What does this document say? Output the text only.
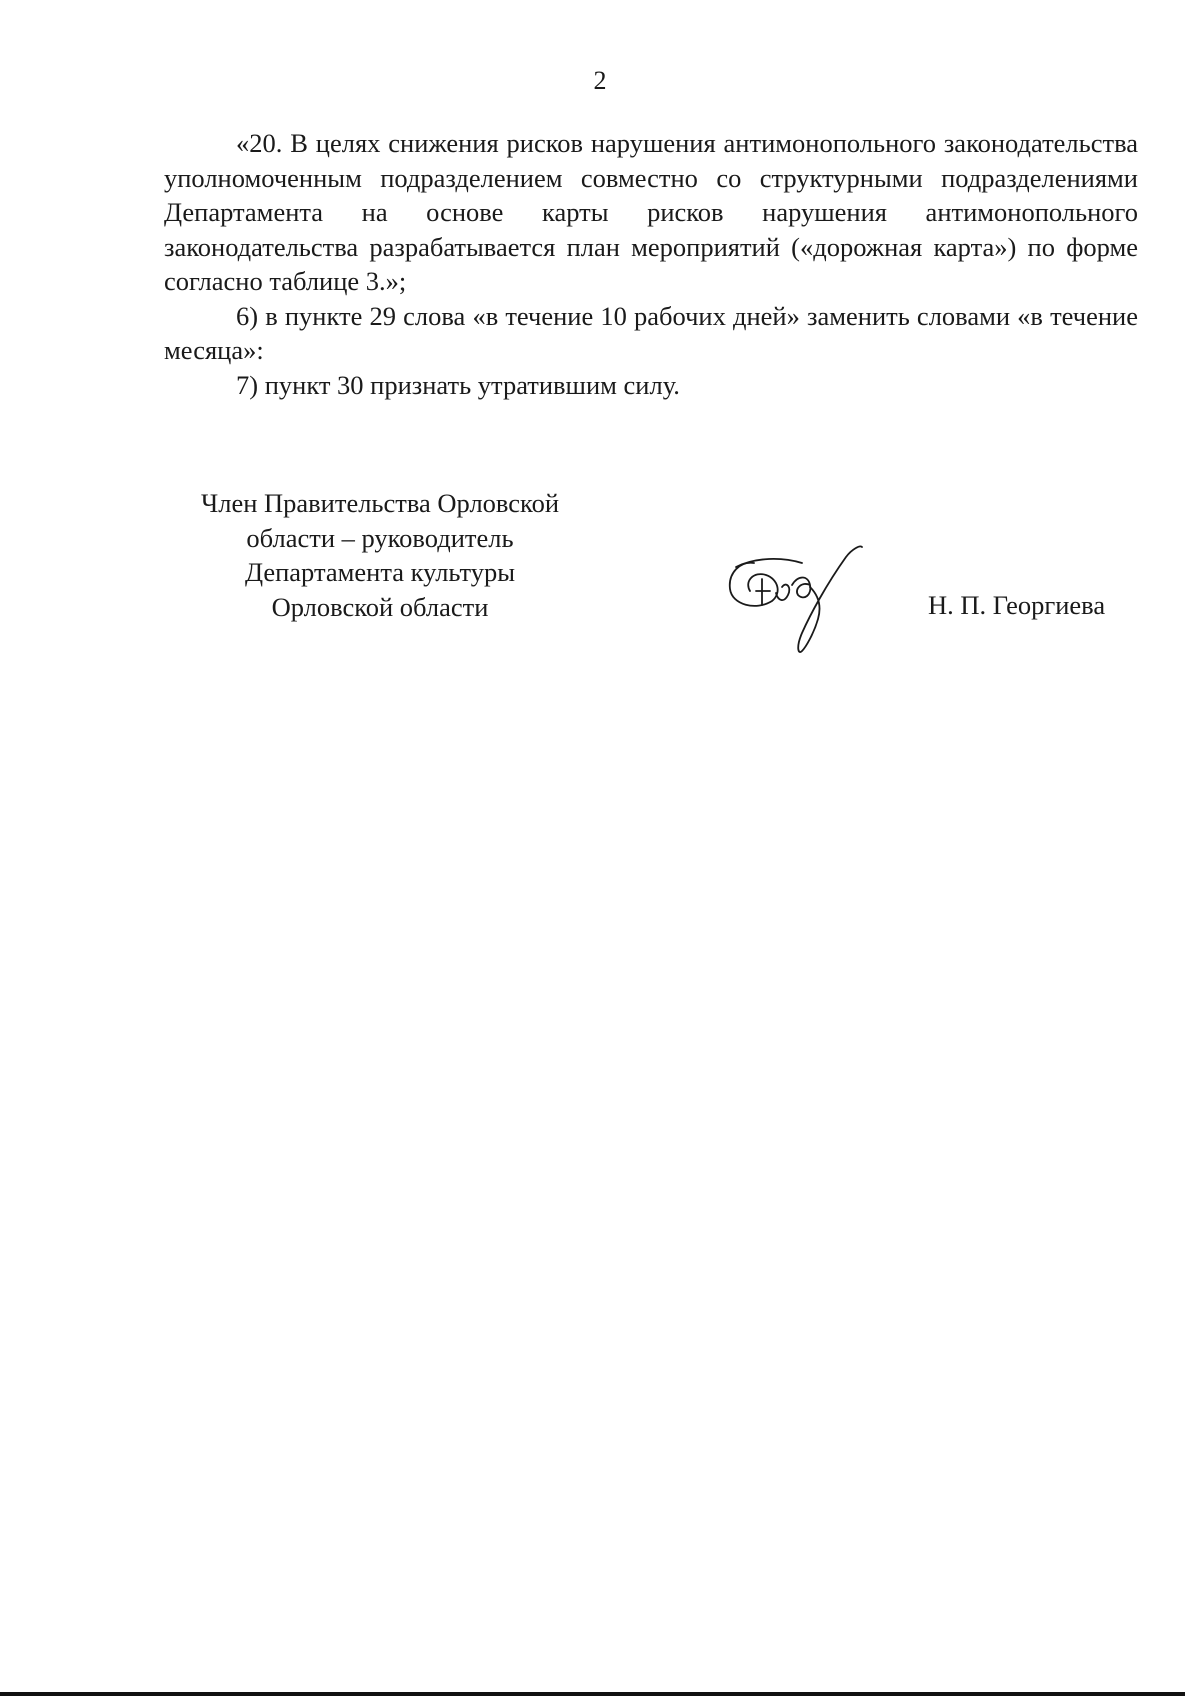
2

«20. В целях снижения рисков нарушения антимонопольного законодательства уполномоченным подразделением совместно со структурными подразделениями Департамента на основе карты рисков нарушения антимонопольного законодательства разрабатывается план мероприятий («дорожная карта») по форме согласно таблице 3.»;

6) в пункте 29 слова «в течение 10 рабочих дней» заменить словами «в течение месяца»:

7) пункт 30 признать утратившим силу.

Член Правительства Орловской
области – руководитель
Департамента культуры
Орловской области	Н. П. Георгиева
